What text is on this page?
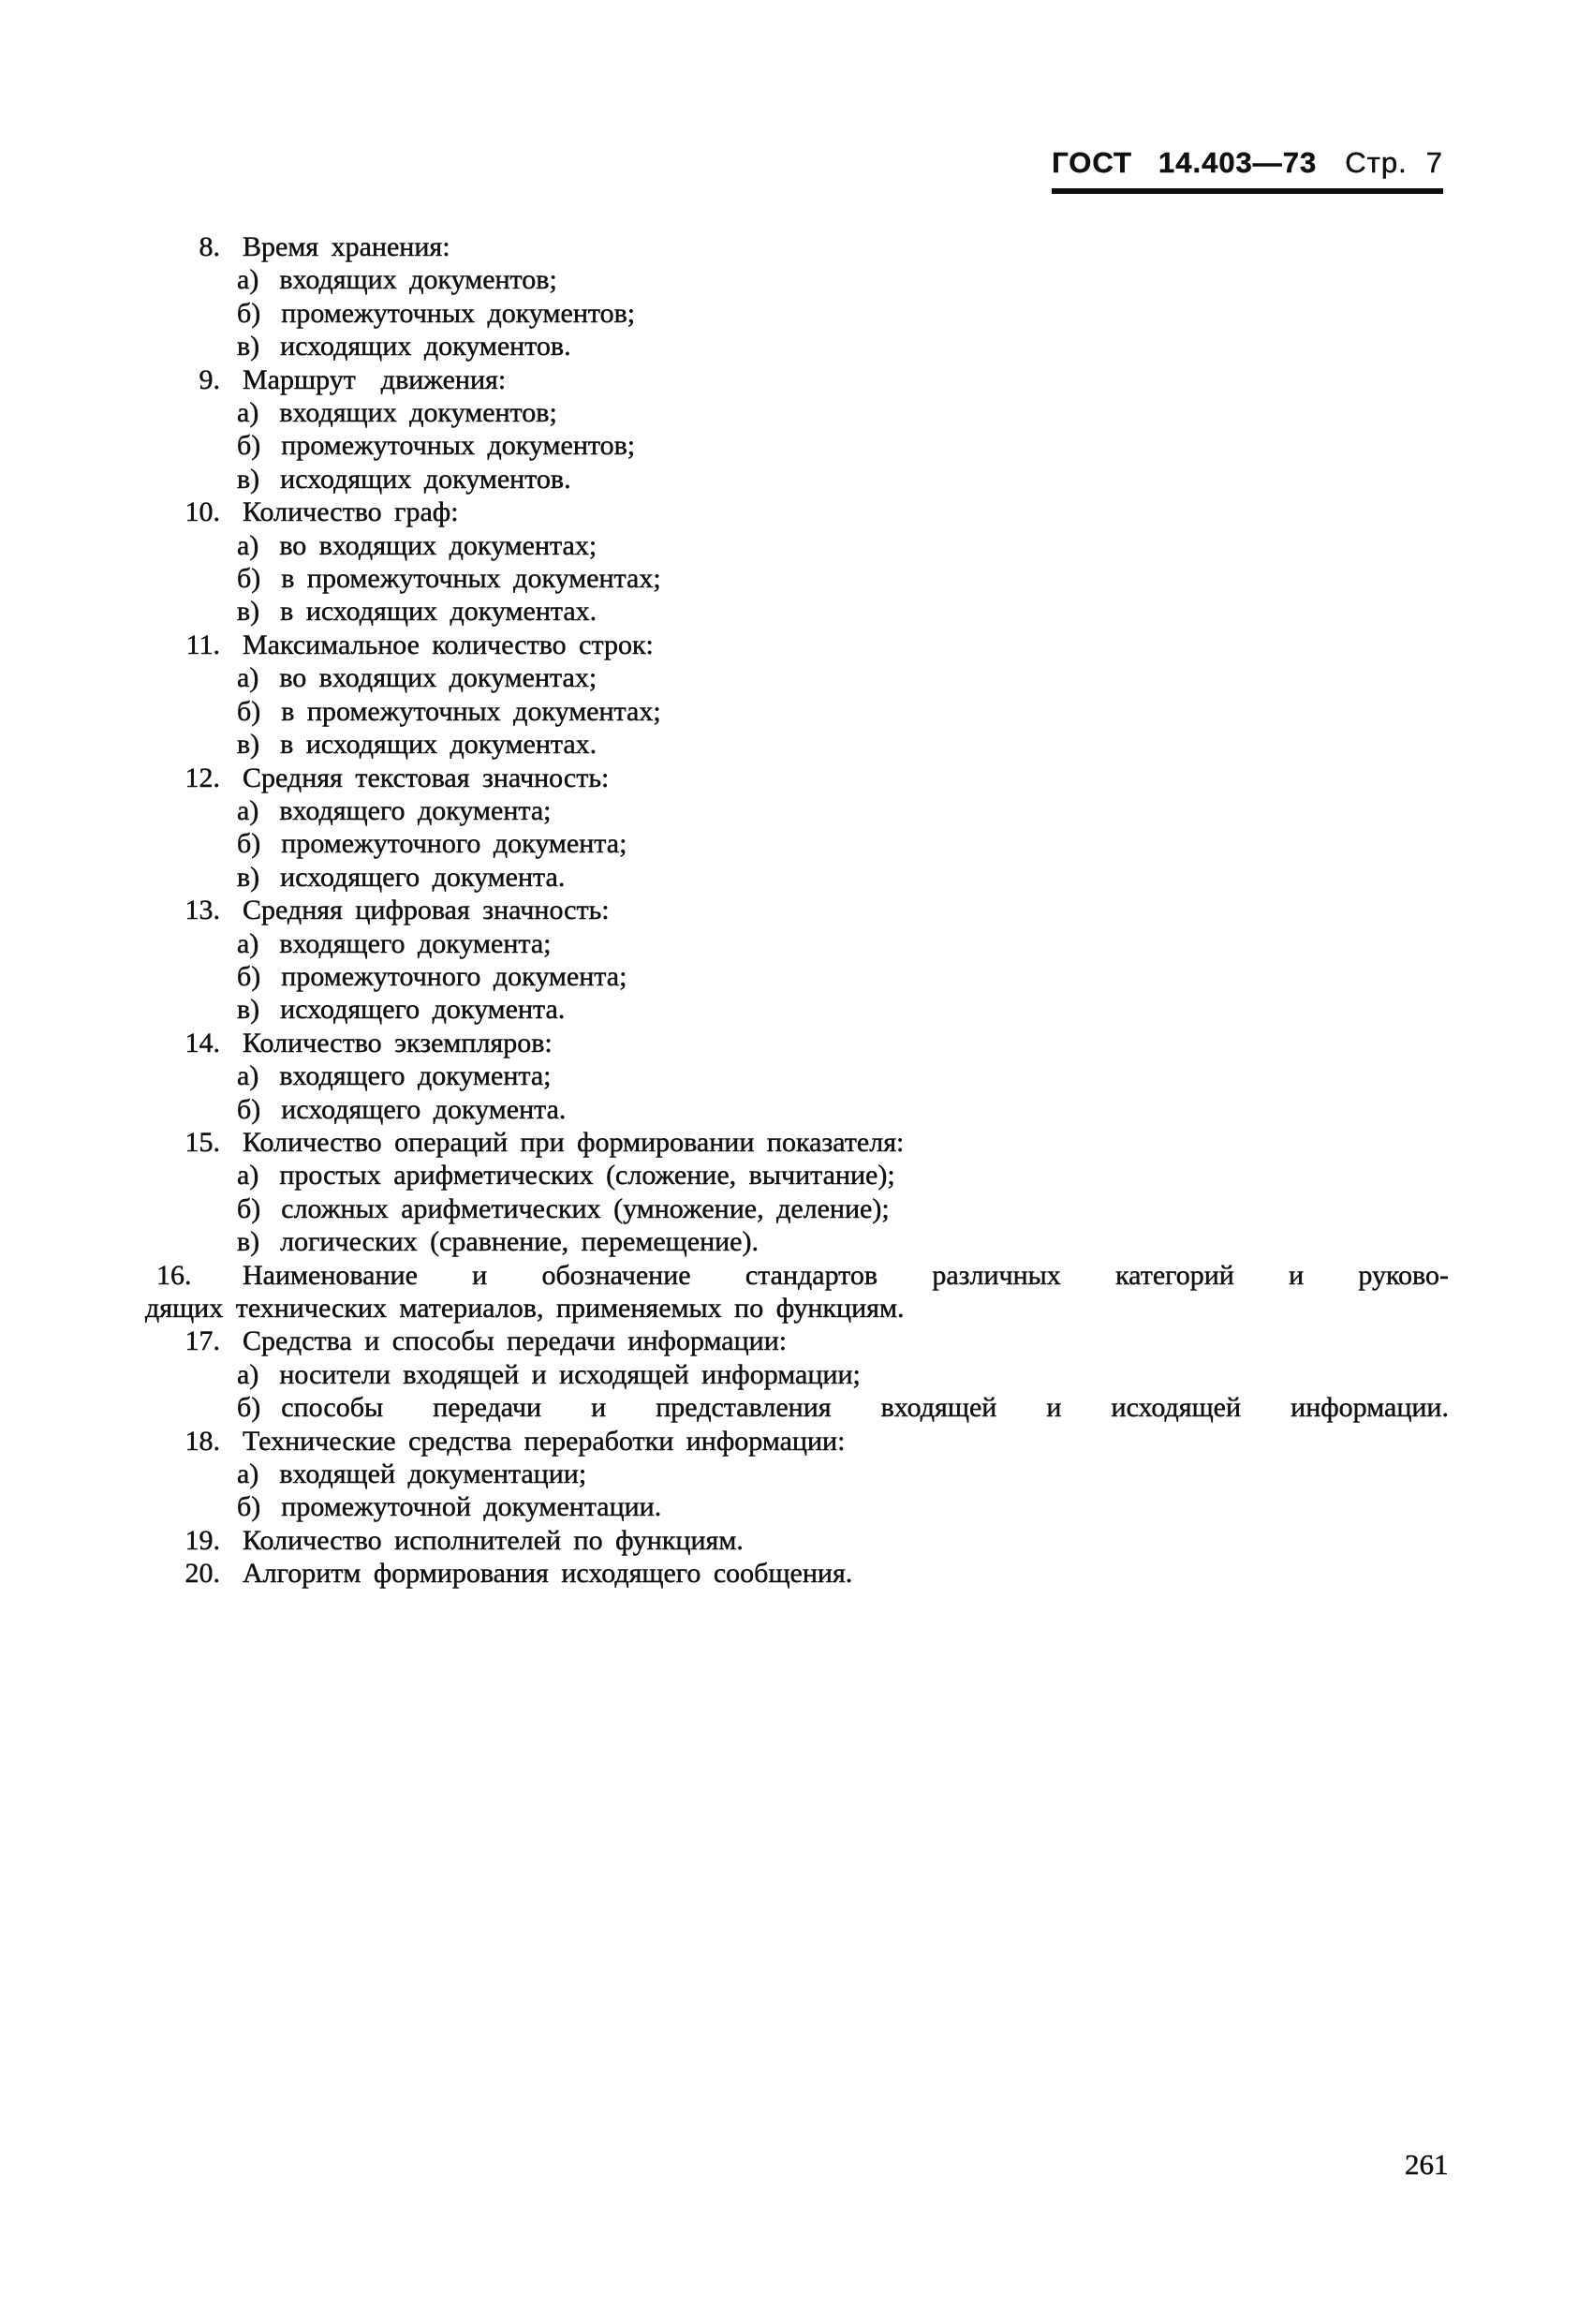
ГОСТ 14.403—73 Стр. 7
8. Время хранения:
а) входящих документов;
б) промежуточных документов;
в) исходящих документов.
9. Маршрут  движения:
а) входящих документов;
б) промежуточных документов;
в) исходящих документов.
10. Количество граф:
а) во входящих документах;
б) в промежуточных документах;
в) в исходящих документах.
11. Максимальное количество строк:
а) во входящих документах;
б) в промежуточных документах;
в) в исходящих документах.
12. Средняя текстовая значность:
а) входящего документа;
б) промежуточного документа;
в) исходящего документа.
13. Средняя цифровая значность:
а) входящего документа;
б) промежуточного документа;
в) исходящего документа.
14. Количество экземпляров:
а) входящего документа;
б) исходящего документа.
15. Количество операций при формировании показателя:
а) простых арифметических (сложение, вычитание);
б) сложных арифметических (умножение, деление);
в) логических (сравнение, перемещение).
16. Наименование и обозначение стандартов различных категорий и руково-
дящих технических материалов, применяемых по функциям.
17. Средства и способы передачи информации:
а) носители входящей и исходящей информации;
б) способы передачи и представления входящей и исходящей информации.
18. Технические средства переработки информации:
а) входящей документации;
б) промежуточной документации.
19. Количество исполнителей по функциям.
20. Алгоритм формирования исходящего сообщения.
261
